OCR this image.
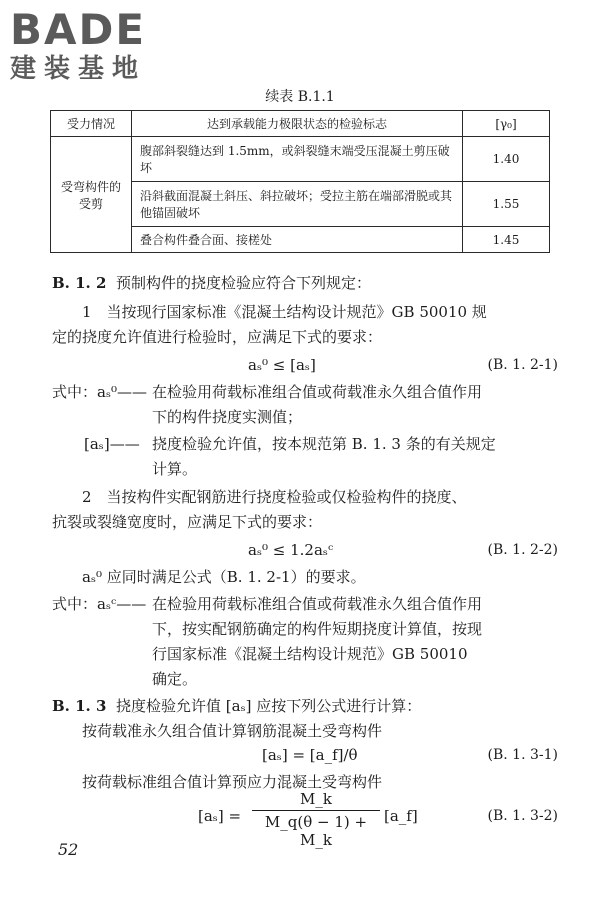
BADE
建装基地
续表 B.1.1
受力情况	达到承载能力极限状态的检验标志	[γ₀]
受弯构件的受剪	腹部斜裂缝达到 1.5mm，或斜裂缝末端受压混凝土剪压破坏	1.40
	沿斜截面混凝土斜压、斜拉破坏；受拉主筋在端部滑脱或其他锚固破坏	1.55
	叠合构件叠合面、接槎处	1.45
B. 1. 2 预制构件的挠度检验应符合下列规定：
1　当按现行国家标准《混凝土结构设计规范》GB 50010 规
定的挠度允许值进行检验时，应满足下式的要求：
aₛ⁰ ≤ [aₛ]	(B. 1. 2-1)
式中：aₛ⁰—— 在检验用荷载标准组合值或荷载准永久组合值作用
下的构件挠度实测值；
[aₛ]—— 挠度检验允许值，按本规范第 B. 1. 3 条的有关规定
计算。
2　当按构件实配钢筋进行挠度检验或仅检验构件的挠度、
抗裂或裂缝宽度时，应满足下式的要求：
aₛ⁰ ≤ 1.2aₛᶜ	(B. 1. 2-2)
aₛ⁰ 应同时满足公式（B. 1. 2-1）的要求。
式中：aₛᶜ—— 在检验用荷载标准组合值或荷载准永久组合值作用
下，按实配钢筋确定的构件短期挠度计算值，按现
行国家标准《混凝土结构设计规范》GB 50010
确定。
B. 1. 3 挠度检验允许值 [aₛ] 应按下列公式进行计算：
按荷载准永久组合值计算钢筋混凝土受弯构件
[aₛ] = [a_f]/θ	(B. 1. 3-1)
按荷载标准组合值计算预应力混凝土受弯构件
[aₛ] =
M_k
M_q(θ − 1) + M_k
[a_f]	(B. 1. 3-2)
52
